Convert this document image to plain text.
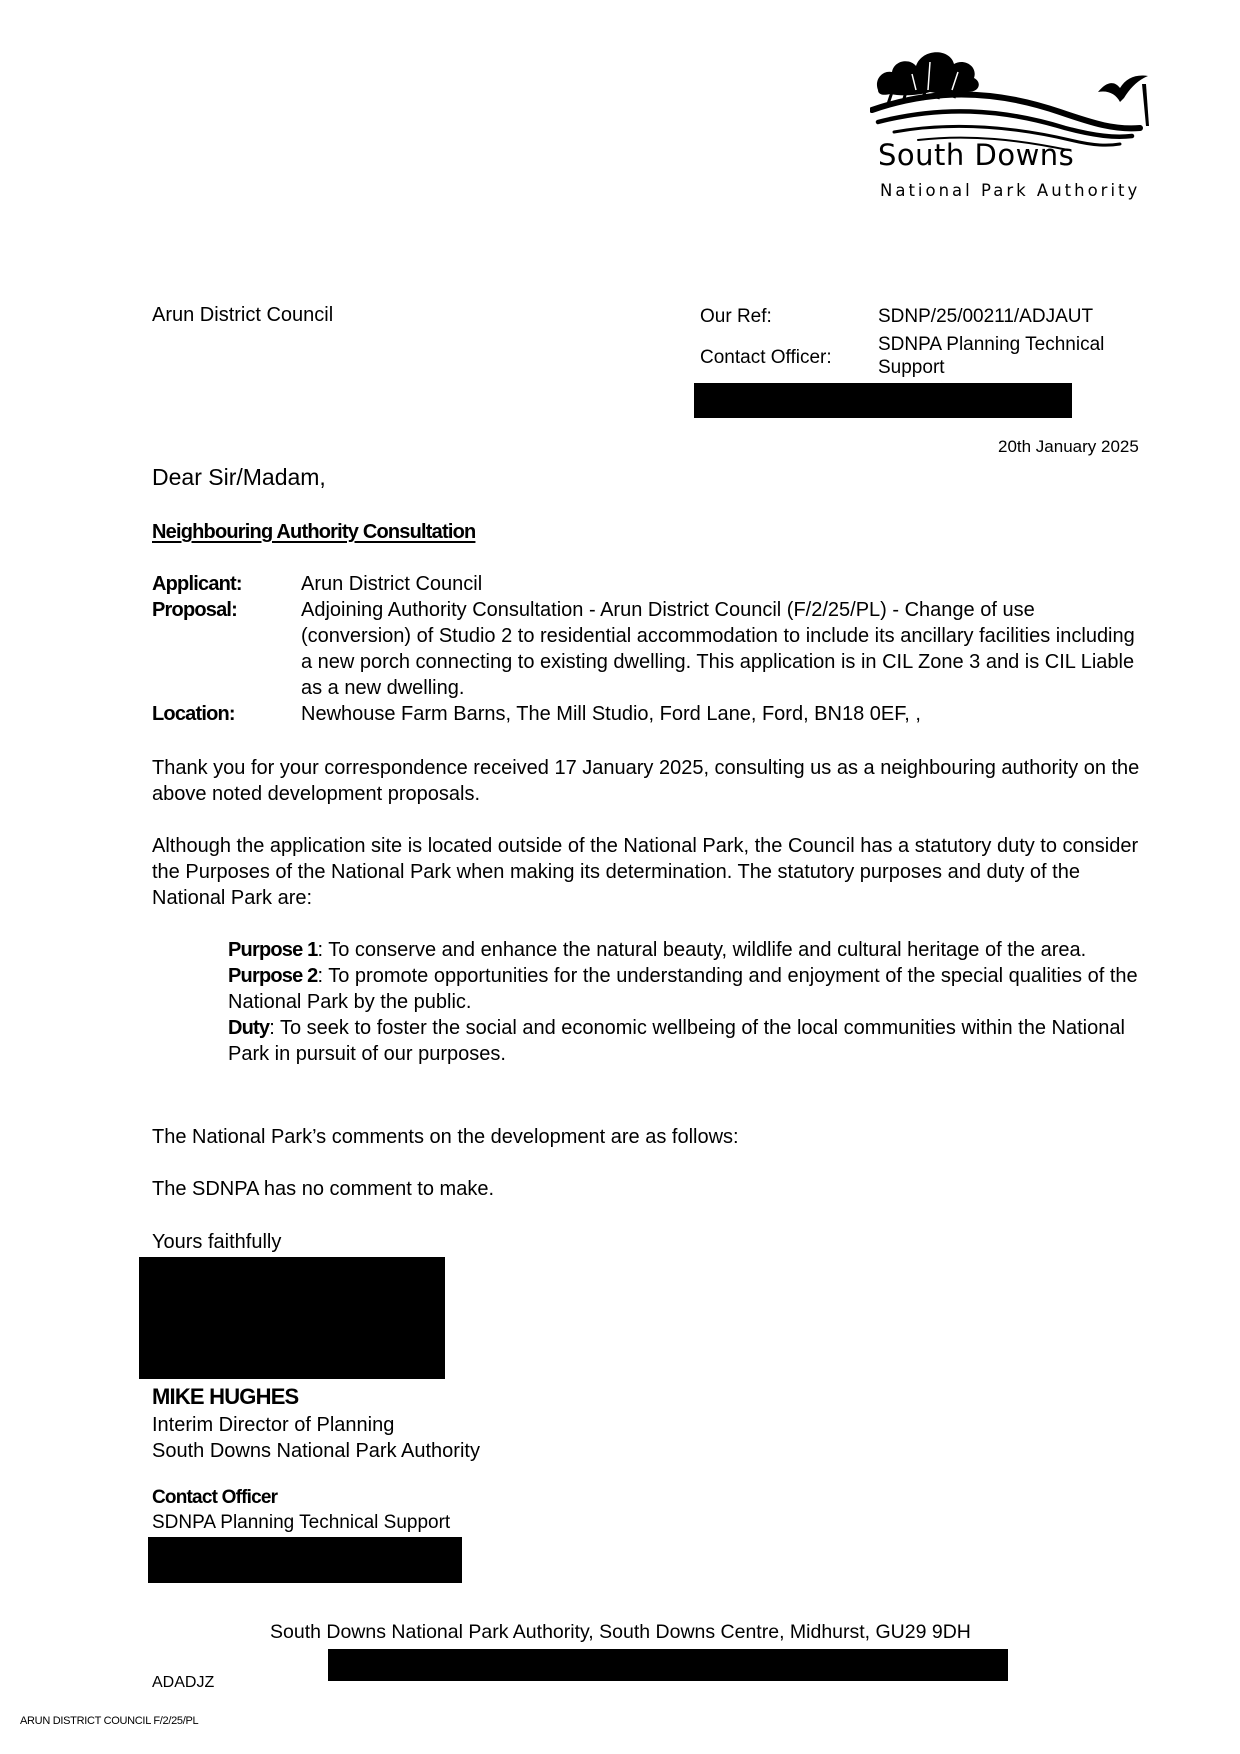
South Downs
National Park Authority
Arun District Council	Our Ref:	SDNP/25/00211/ADJAUT
Contact Officer:
SDNPA Planning Technical Support
20th January 2025
Dear Sir/Madam,
Neighbouring Authority Consultation
Applicant:	Arun District Council
Proposal:	Adjoining Authority Consultation - Arun District Council (F/2/25/PL) - Change of use (conversion) of Studio 2 to residential accommodation to include its ancillary facilities including a new porch connecting to existing dwelling. This application is in CIL Zone 3 and is CIL Liable as a new dwelling.
Location:	Newhouse Farm Barns, The Mill Studio, Ford Lane, Ford, BN18 0EF, ,
Thank you for your correspondence received 17 January 2025, consulting us as a neighbouring authority on the above noted development proposals.
Although the application site is located outside of the National Park, the Council has a statutory duty to consider the Purposes of the National Park when making its determination. The statutory purposes and duty of the National Park are:

Purpose 1: To conserve and enhance the natural beauty, wildlife and cultural heritage of the area.

Purpose 2: To promote opportunities for the understanding and enjoyment of the special qualities of the National Park by the public.

Duty: To seek to foster the social and economic wellbeing of the local communities within the National Park in pursuit of our purposes.

The National Park’s comments on the development are as follows:
The SDNPA has no comment to make.
Yours faithfully
MIKE HUGHES
Interim Director of Planning
South Downs National Park Authority
Contact Officer
SDNPA Planning Technical Support
South Downs National Park Authority, South Downs Centre, Midhurst, GU29 9DH
ADADJZ
ARUN DISTRICT COUNCIL F/2/25/PL
